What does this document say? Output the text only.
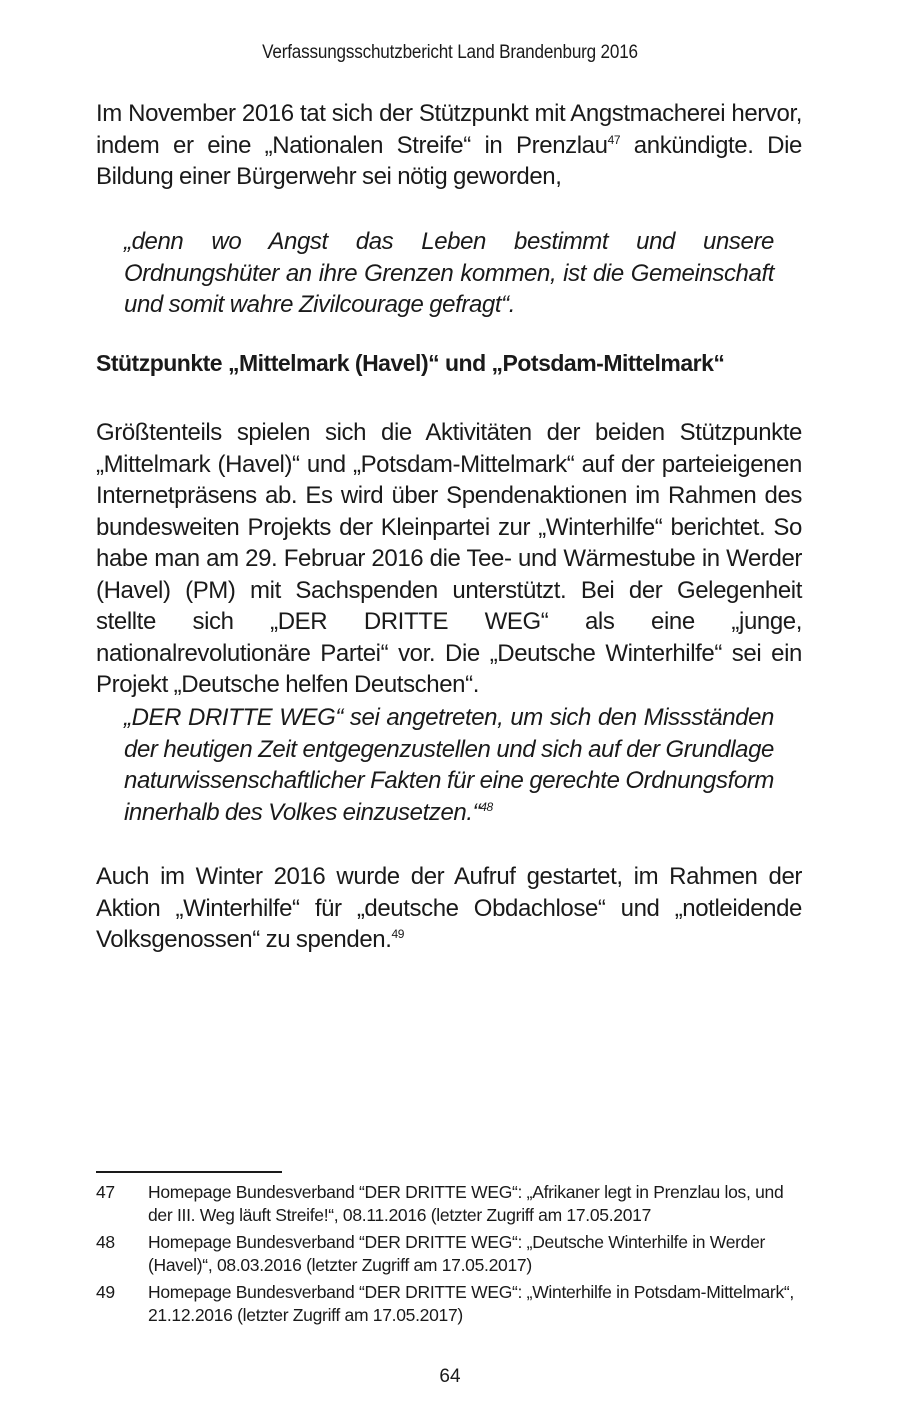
Verfassungsschutzbericht Land Brandenburg 2016
Im November 2016 tat sich der Stützpunkt mit Angstmacherei hervor, indem er eine „Nationalen Streife“ in Prenzlau$^{47}$ ankündigte. Die Bildung einer Bürgerwehr sei nötig geworden,
„denn wo Angst das Leben bestimmt und unsere Ordnungshüter an ihre Grenzen kommen, ist die Gemeinschaft und somit wahre Zivilcourage gefragt“.
Stützpunkte „Mittelmark (Havel)“ und „Potsdam-Mittelmark“
Größtenteils spielen sich die Aktivitäten der beiden Stützpunkte „Mittelmark (Havel)“ und „Potsdam-Mittelmark“ auf der parteieigenen Internetpräsens ab. Es wird über Spendenaktionen im Rahmen des bundesweiten Projekts der Kleinpartei zur „Winterhilfe“ berichtet. So habe man am 29. Februar 2016 die Tee- und Wärmestube in Werder (Havel) (PM) mit Sachspenden unterstützt. Bei der Gelegenheit stellte sich „DER DRITTE WEG“ als eine „junge, nationalrevolutionäre Partei“ vor. Die „Deutsche Winterhilfe“ sei ein Projekt „Deutsche helfen Deutschen“.
„DER DRITTE WEG“ sei angetreten, um sich den Missständen der heutigen Zeit entgegenzustellen und sich auf der Grundlage naturwissenschaftlicher Fakten für eine gerechte Ordnungsform innerhalb des Volkes einzusetzen.“$^{48}$
Auch im Winter 2016 wurde der Aufruf gestartet, im Rahmen der Aktion „Winterhilfe“ für „deutsche Obdachlose“ und „notleidende Volksgenossen“ zu spenden.$^{49}$
47	Homepage Bundesverband “DER DRITTE WEG“: „Afrikaner legt in Prenzlau los, und der III. Weg läuft Streife!“, 08.11.2016 (letzter Zugriff am 17.05.2017
48	Homepage Bundesverband “DER DRITTE WEG“: „Deutsche Winterhilfe in Werder (Havel)“, 08.03.2016 (letzter Zugriff am 17.05.2017)
49	Homepage Bundesverband “DER DRITTE WEG“: „Winterhilfe in Potsdam-Mittelmark“, 21.12.2016 (letzter Zugriff am 17.05.2017)
64
